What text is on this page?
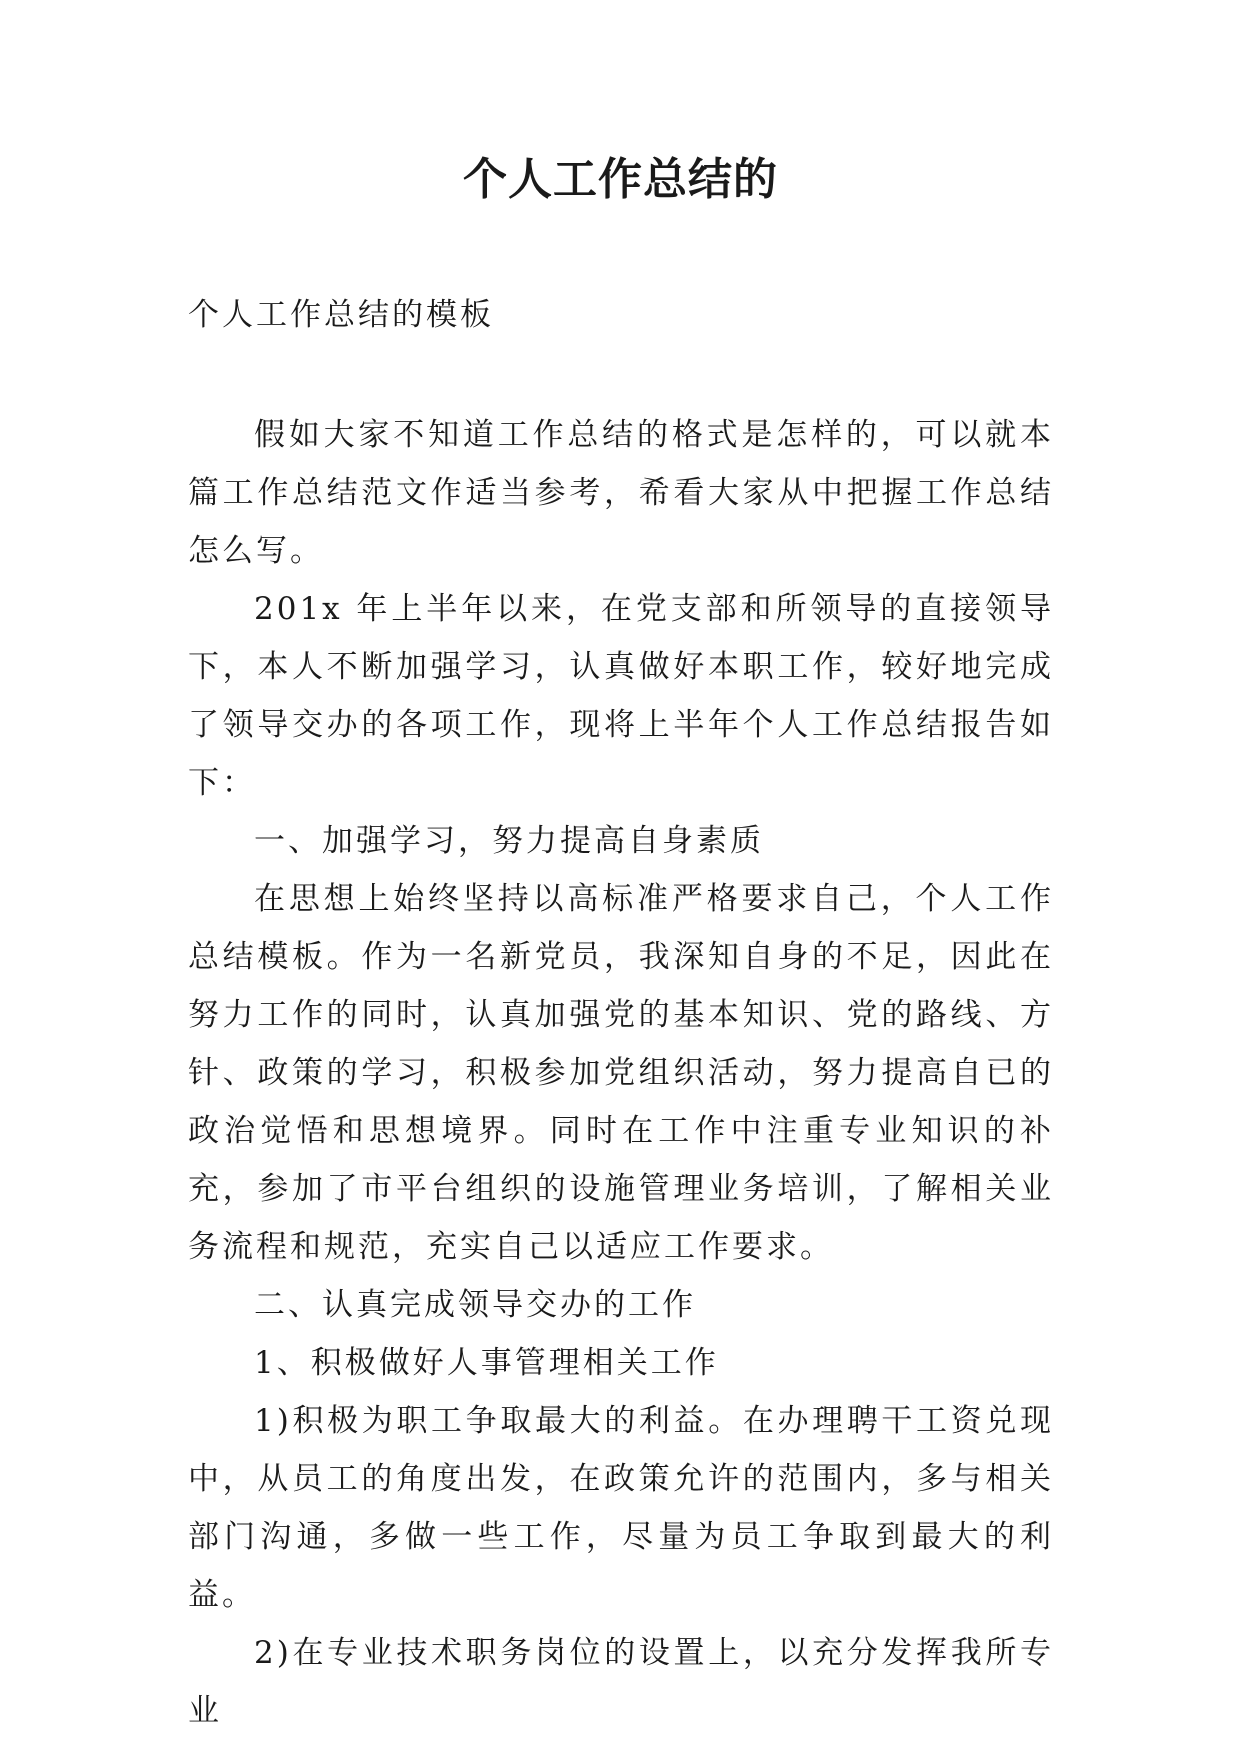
个人工作总结的
个人工作总结的模板

假如大家不知道工作总结的格式是怎样的，可以就本篇工作总结范文作适当参考，希看大家从中把握工作总结怎么写。

201x 年上半年以来，在党支部和所领导的直接领导下，本人不断加强学习，认真做好本职工作，较好地完成了领导交办的各项工作，现将上半年个人工作总结报告如下：

一、加强学习，努力提高自身素质

在思想上始终坚持以高标准严格要求自己，个人工作总结模板。作为一名新党员，我深知自身的不足，因此在努力工作的同时，认真加强党的基本知识、党的路线、方针、政策的学习，积极参加党组织活动，努力提高自已的政治觉悟和思想境界。同时在工作中注重专业知识的补充，参加了市平台组织的设施管理业务培训，了解相关业务流程和规范，充实自己以适应工作要求。

二、认真完成领导交办的工作

1、积极做好人事管理相关工作

1)积极为职工争取最大的利益。在办理聘干工资兑现中，从员工的角度出发，在政策允许的范围内，多与相关部门沟通，多做一些工作，尽量为员工争取到最大的利益。

2)在专业技术职务岗位的设置上，以充分发挥我所专业
